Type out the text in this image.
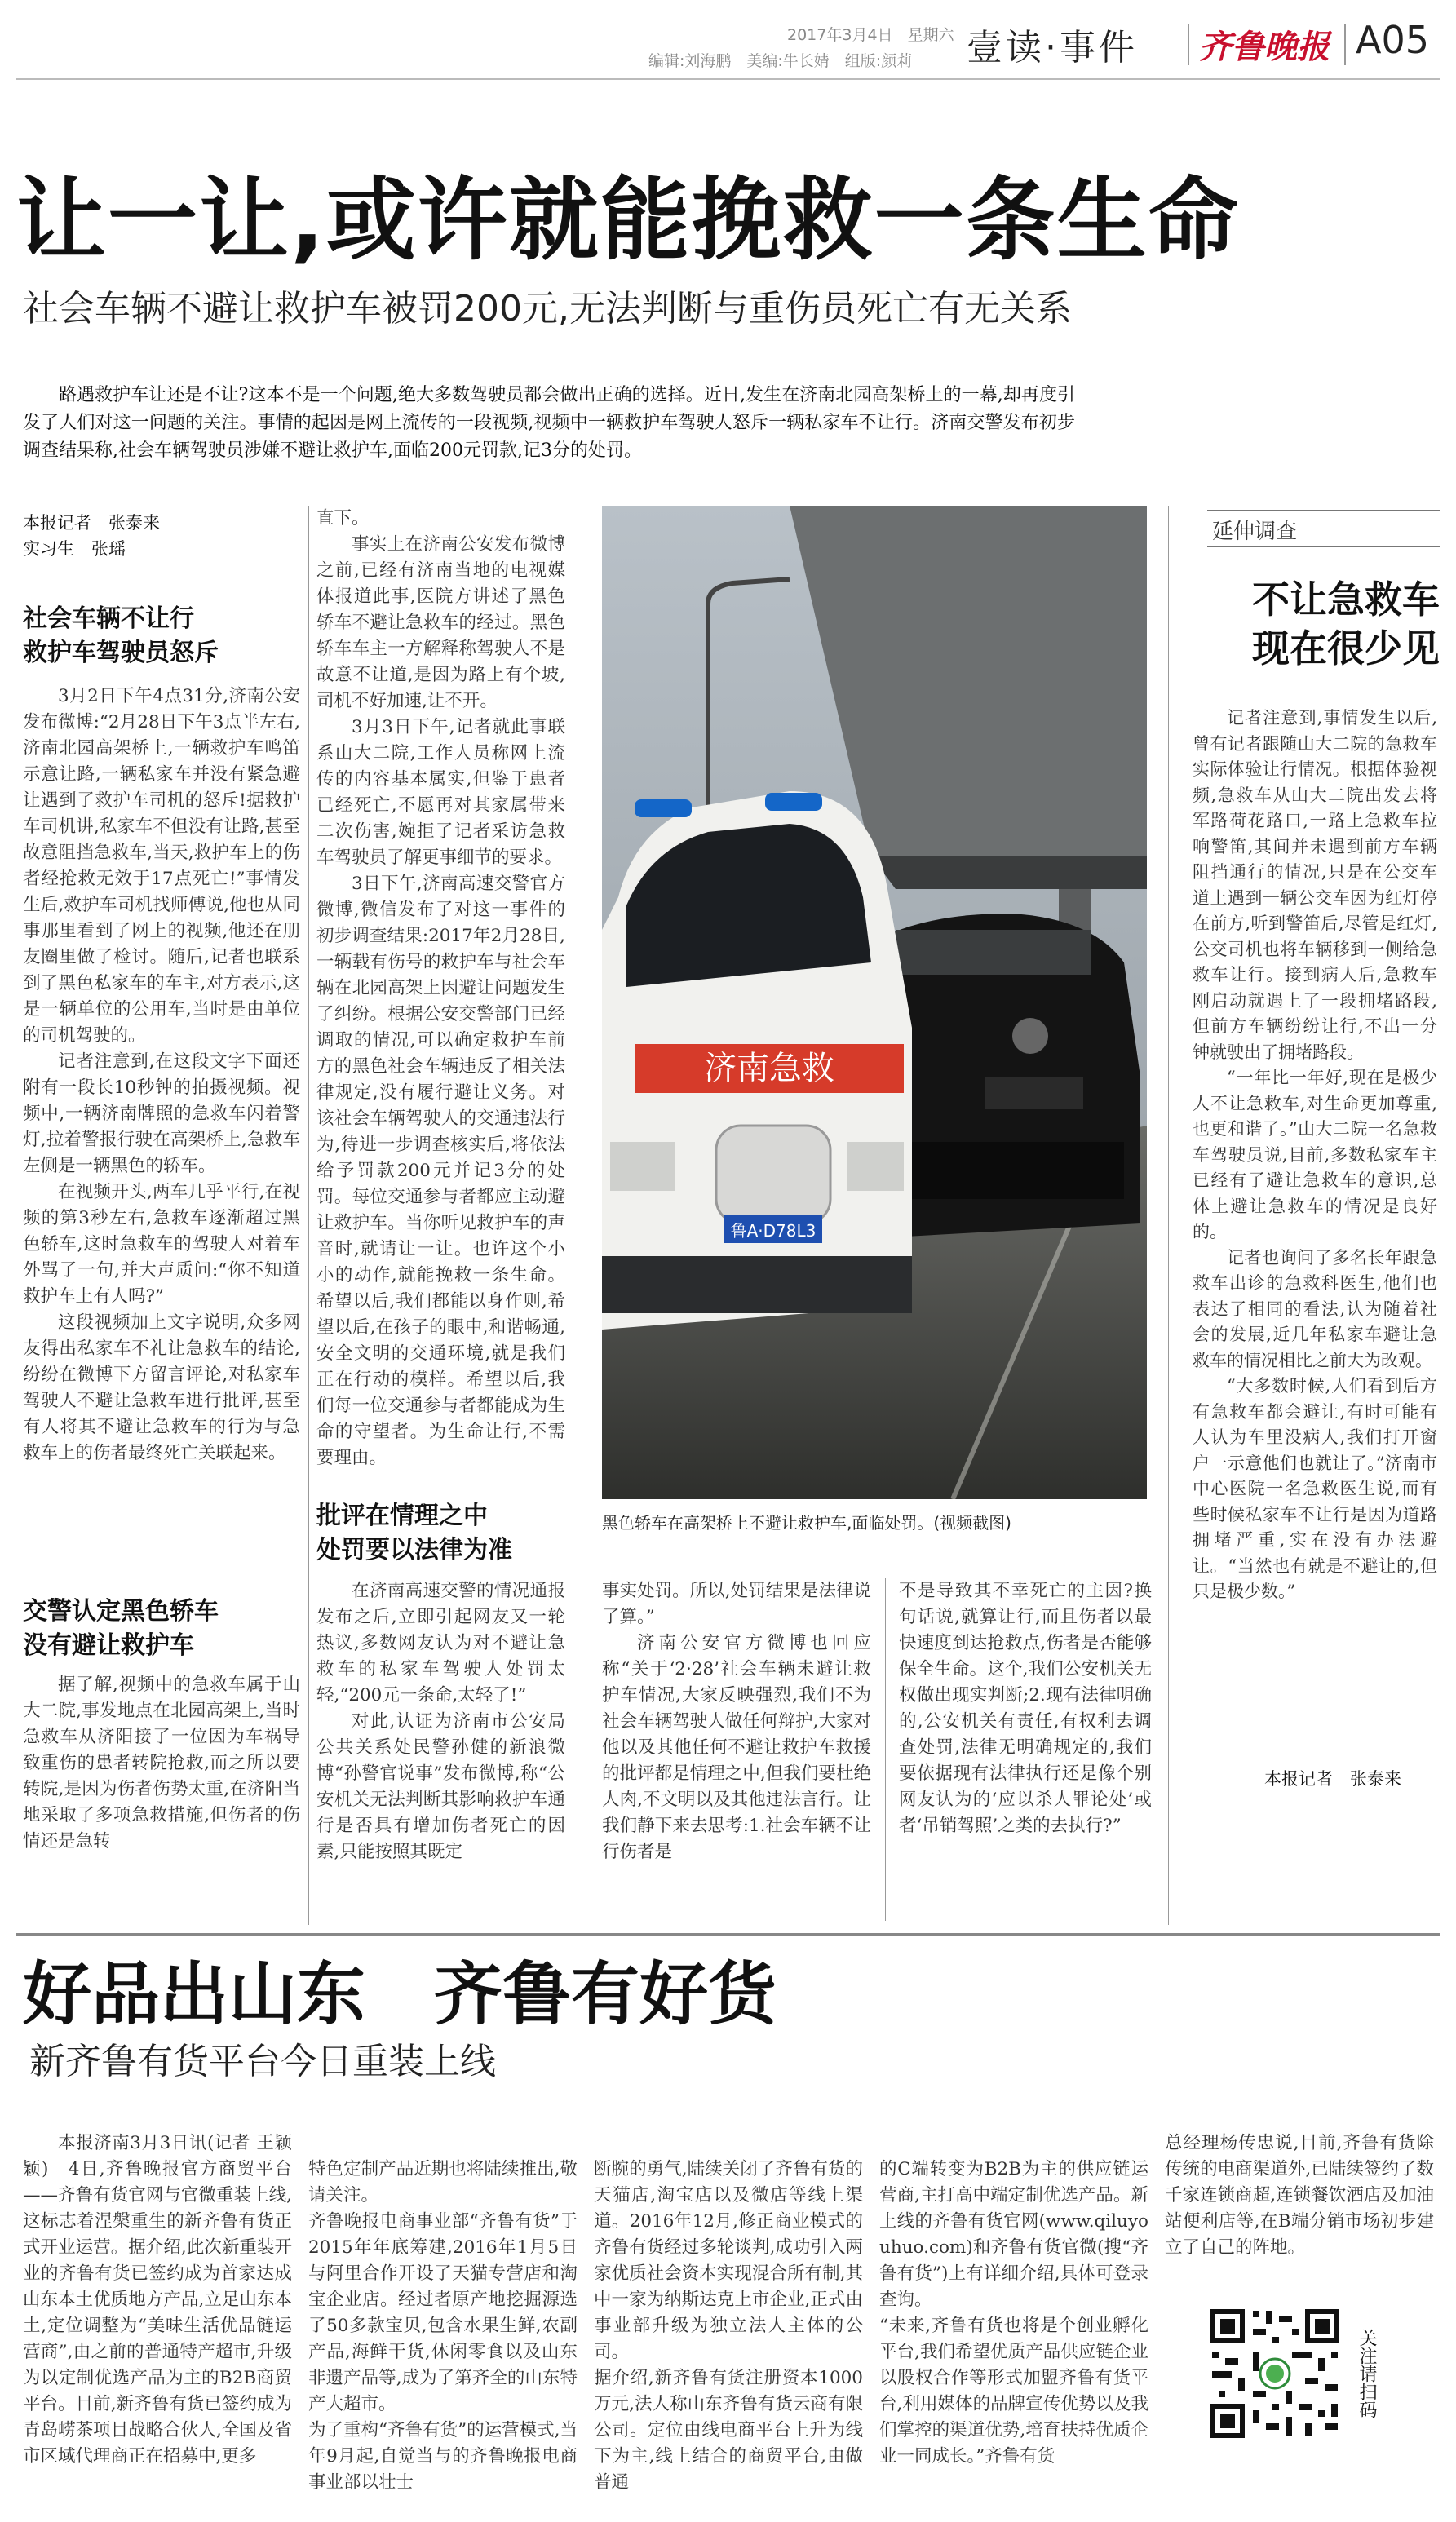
2017年3月4日 星期六
编辑:刘海鹏　美编:牛长婧　组版:颜莉 壹读·事件 齐鲁晚报 A05
让一让,或许就能挽救一条生命
社会车辆不避让救护车被罚200元,无法判断与重伤员死亡有无关系

路遇救护车让还是不让?这本不是一个问题,绝大多数驾驶员都会做出正确的选择。近日,发生在济南北园高架桥上的一幕,却再度引发了人们对这一问题的关注。事情的起因是网上流传的一段视频,视频中一辆救护车驾驶人怒斥一辆私家车不让行。济南交警发布初步调查结果称,社会车辆驾驶员涉嫌不避让救护车,面临200元罚款,记3分的处罚。

本报记者　张泰来
实习生　张瑶
社会车辆不让行
救护车驾驶员怒斥

3月2日下午4点31分,济南公安发布微博:“2月28日下午3点半左右,济南北园高架桥上,一辆救护车鸣笛示意让路,一辆私家车并没有紧急避让遇到了救护车司机的怒斥!据救护车司机讲,私家车不但没有让路,甚至故意阻挡急救车,当天,救护车上的伤者经抢救无效于17点死亡!”事情发生后,救护车司机找师傅说,他也从同事那里看到了网上的视频,他还在朋友圈里做了检讨。随后,记者也联系到了黑色私家车的车主,对方表示,这是一辆单位的公用车,当时是由单位的司机驾驶的。

记者注意到,在这段文字下面还附有一段长10秒钟的拍摄视频。视频中,一辆济南牌照的急救车闪着警灯,拉着警报行驶在高架桥上,急救车左侧是一辆黑色的轿车。

在视频开头,两车几乎平行,在视频的第3秒左右,急救车逐渐超过黑色轿车,这时急救车的驾驶人对着车外骂了一句,并大声质问:“你不知道救护车上有人吗?”

这段视频加上文字说明,众多网友得出私家车不礼让急救车的结论,纷纷在微博下方留言评论,对私家车驾驶人不避让急救车进行批评,甚至有人将其不避让急救车的行为与急救车上的伤者最终死亡关联起来。

交警认定黑色轿车
没有避让救护车

据了解,视频中的急救车属于山大二院,事发地点在北园高架上,当时急救车从济阳接了一位因为车祸导致重伤的患者转院抢救,而之所以要转院,是因为伤者伤势太重,在济阳当地采取了多项急救措施,但伤者的伤情还是急转

直下。

事实上在济南公安发布微博之前,已经有济南当地的电视媒体报道此事,医院方讲述了黑色轿车不避让急救车的经过。黑色轿车车主一方解释称驾驶人不是故意不让道,是因为路上有个坡,司机不好加速,让不开。

3月3日下午,记者就此事联系山大二院,工作人员称网上流传的内容基本属实,但鉴于患者已经死亡,不愿再对其家属带来二次伤害,婉拒了记者采访急救车驾驶员了解更事细节的要求。

3日下午,济南高速交警官方微博,微信发布了对这一事件的初步调查结果:2017年2月28日,一辆载有伤号的救护车与社会车辆在北园高架上因避让问题发生了纠纷。根据公安交警部门已经调取的情况,可以确定救护车前方的黑色社会车辆违反了相关法律规定,没有履行避让义务。对该社会车辆驾驶人的交通违法行为,待进一步调查核实后,将依法给予罚款200元并记3分的处罚。每位交通参与者都应主动避让救护车。当你听见救护车的声音时,就请让一让。也许这个小小的动作,就能挽救一条生命。希望以后,我们都能以身作则,希望以后,在孩子的眼中,和谐畅通,安全文明的交通环境,就是我们正在行动的模样。希望以后,我们每一位交通参与者都能成为生命的守望者。为生命让行,不需要理由。

批评在情理之中
处罚要以法律为准

在济南高速交警的情况通报发布之后,立即引起网友又一轮热议,多数网友认为对不避让急救车的私家车驾驶人处罚太轻,“200元一条命,太轻了!”

对此,认证为济南市公安局公共关系处民警孙健的新浪微博“孙警官说事”发布微博,称“公安机关无法判断其影响救护车通行是否具有增加伤者死亡的因素,只能按照其既定

济南急救
鲁A·D78L3
黑色轿车在高架桥上不避让救护车,面临处罚。(视频截图)

事实处罚。所以,处罚结果是法律说了算。”

济南公安官方微博也回应称“关于‘2·28’社会车辆未避让救护车情况,大家反映强烈,我们不为社会车辆驾驶人做任何辩护,大家对他以及其他任何不避让救护车救援的批评都是情理之中,但我们要杜绝人肉,不文明以及其他违法言行。让我们静下来去思考:1.社会车辆不让行伤者是

不是导致其不幸死亡的主因?换句话说,就算让行,而且伤者以最快速度到达抢救点,伤者是否能够保全生命。这个,我们公安机关无权做出现实判断;2.现有法律明确的,公安机关有责任,有权利去调查处罚,法律无明确规定的,我们要依据现有法律执行还是像个别网友认为的‘应以杀人罪论处’或者‘吊销驾照’之类的去执行?”

延伸调查
不让急救车
现在很少见

记者注意到,事情发生以后,曾有记者跟随山大二院的急救车实际体验让行情况。根据体验视频,急救车从山大二院出发去将军路荷花路口,一路上急救车拉响警笛,其间并未遇到前方车辆阻挡通行的情况,只是在公交车道上遇到一辆公交车因为红灯停在前方,听到警笛后,尽管是红灯,公交司机也将车辆移到一侧给急救车让行。接到病人后,急救车刚启动就遇上了一段拥堵路段,但前方车辆纷纷让行,不出一分钟就驶出了拥堵路段。

“一年比一年好,现在是极少人不让急救车,对生命更加尊重,也更和谐了。”山大二院一名急救车驾驶员说,目前,多数私家车主已经有了避让急救车的意识,总体上避让急救车的情况是良好的。

记者也询问了多名长年跟急救车出诊的急救科医生,他们也表达了相同的看法,认为随着社会的发展,近几年私家车避让急救车的情况相比之前大为改观。

“大多数时候,人们看到后方有急救车都会避让,有时可能有人认为车里没病人,我们打开窗户一示意他们也就让了。”济南市中心医院一名急救医生说,而有些时候私家车不让行是因为道路拥堵严重,实在没有办法避让。“当然也有就是不避让的,但只是极少数。”

本报记者　张泰来
好品出山东　齐鲁有好货
新齐鲁有货平台今日重装上线

本报济南3月3日讯(记者 王颖颖)　4日,齐鲁晚报官方商贸平台——齐鲁有货官网与官微重装上线,这标志着涅槃重生的新齐鲁有货正式开业运营。据介绍,此次新重装开业的齐鲁有货已签约成为首家达成山东本土优质地方产品,立足山东本土,定位调整为“美味生活优品链运营商”,由之前的普通特产超市,升级为以定制优选产品为主的B2B商贸平台。目前,新齐鲁有货已签约成为青岛崂茶项目战略合伙人,全国及省市区域代理商正在招募中,更多

特色定制产品近期也将陆续推出,敬请关注。
齐鲁晚报电商事业部“齐鲁有货”于2015年年底筹建,2016年1月5日与阿里合作开设了天猫专营店和淘宝企业店。经过者原产地挖掘源选了50多款宝贝,包含水果生鲜,农副产品,海鲜干货,休闲零食以及山东非遗产品等,成为了第齐全的山东特产大超市。
为了重构“齐鲁有货”的运营模式,当年9月起,自觉当与的齐鲁晚报电商事业部以壮士

断腕的勇气,陆续关闭了齐鲁有货的天猫店,淘宝店以及微店等线上渠道。2016年12月,修正商业模式的齐鲁有货经过多轮谈判,成功引入两家优质社会资本实现混合所有制,其中一家为纳斯达克上市企业,正式由事业部升级为独立法人主体的公司。
据介绍,新齐鲁有货注册资本1000万元,法人称山东齐鲁有货云商有限公司。定位由线电商平台上升为线下为主,线上结合的商贸平台,由做普通

的C端转变为B2B为主的供应链运营商,主打高中端定制优选产品。新上线的齐鲁有货官网(www.qiluyouhuo.com)和齐鲁有货官微(搜“齐鲁有货”)上有详细介绍,具体可登录查询。
“未来,齐鲁有货也将是个创业孵化平台,我们希望优质产品供应链企业以股权合作等形式加盟齐鲁有货平台,利用媒体的品牌宣传优势以及我们掌控的渠道优势,培育扶持优质企业一同成长。”齐鲁有货

总经理杨传忠说,目前,齐鲁有货除传统的电商渠道外,已陆续签约了数千家连锁商超,连锁餐饮酒店及加油站便利店等,在B端分销市场初步建立了自己的阵地。

关注请扫码
